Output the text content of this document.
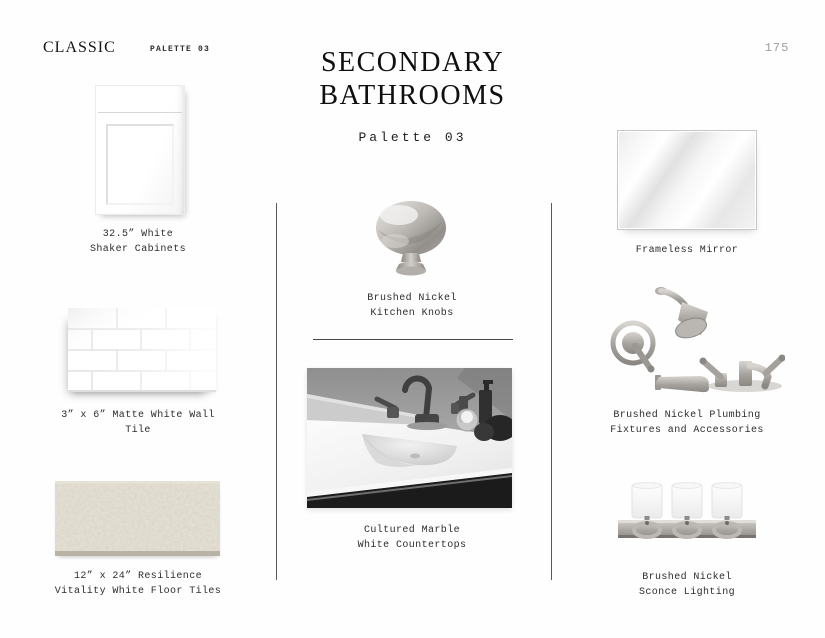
CLASSIC	PALETTE 03	175
SECONDARY
BATHROOMS
Palette 03
32.5” White
Shaker Cabinets
3” x 6” Matte White Wall
Tile
12” x 24” Resilience
Vitality White Floor Tiles
Brushed Nickel
Kitchen Knobs
Cultured Marble
White Countertops
Frameless Mirror
Brushed Nickel Plumbing
Fixtures and Accessories
Brushed Nickel
Sconce Lighting
